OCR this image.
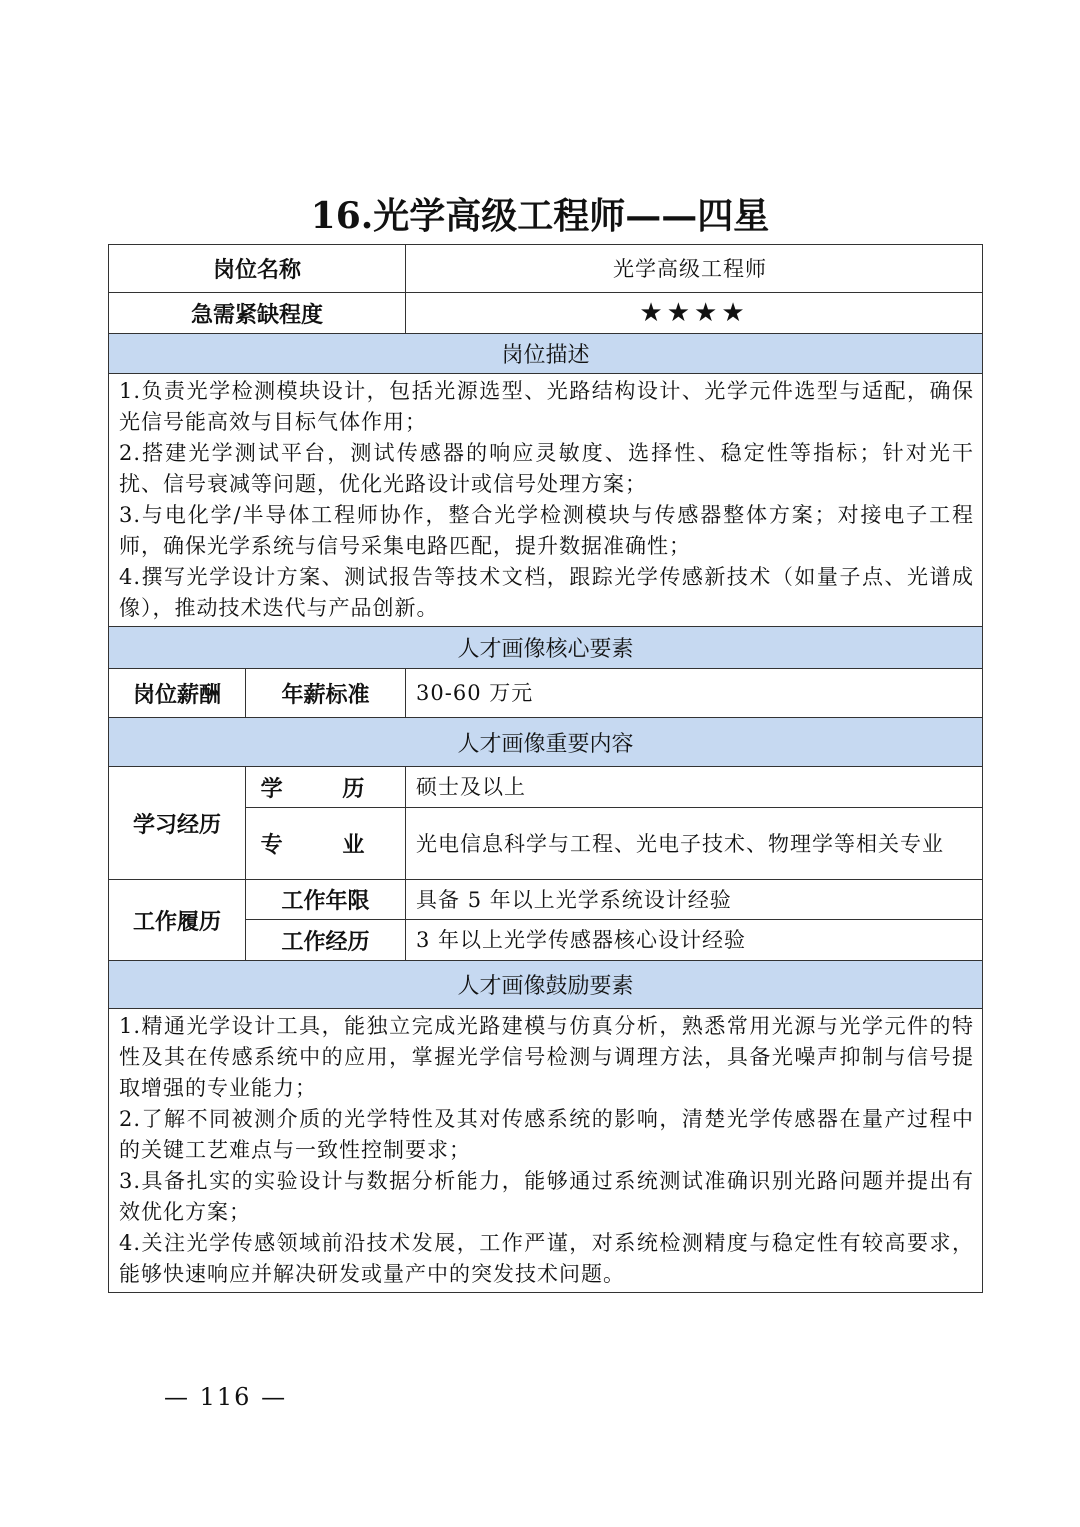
16.光学高级工程师——四星
岗位名称		光学高级工程师
急需紧缺程度		★★★★
岗位描述		

1.负责光学检测模块设计，包括光源选型、光路结构设计、光学元件选型与适配，确保光信号能高效与目标气体作用；
2.搭建光学测试平台，测试传感器的响应灵敏度、选择性、稳定性等指标；针对光干扰、信号衰减等问题，优化光路设计或信号处理方案；
3.与电化学/半导体工程师协作，整合光学检测模块与传感器整体方案；对接电子工程师，确保光学系统与信号采集电路匹配，提升数据准确性；
4.撰写光学设计方案、测试报告等技术文档，跟踪光学传感新技术（如量子点、光谱成像），推动技术迭代与产品创新。		

人才画像核心要素		
岗位薪酬	年薪标准	30-60 万元
人才画像重要内容		
学习经历	学 历	硕士及以上
	专 业	光电信息科学与工程、光电子技术、物理学等相关专业
工作履历	工作年限	具备 5 年以上光学系统设计经验
	工作经历	3 年以上光学传感器核心设计经验
人才画像鼓励要素		

1.精通光学设计工具，能独立完成光路建模与仿真分析，熟悉常用光源与光学元件的特性及其在传感系统中的应用，掌握光学信号检测与调理方法，具备光噪声抑制与信号提取增强的专业能力；
2.了解不同被测介质的光学特性及其对传感系统的影响，清楚光学传感器在量产过程中的关键工艺难点与一致性控制要求；
3.具备扎实的实验设计与数据分析能力，能够通过系统测试准确识别光路问题并提出有效优化方案；
4.关注光学传感领域前沿技术发展，工作严谨，对系统检测精度与稳定性有较高要求，能够快速响应并解决研发或量产中的突发技术问题。		
— 116 —
